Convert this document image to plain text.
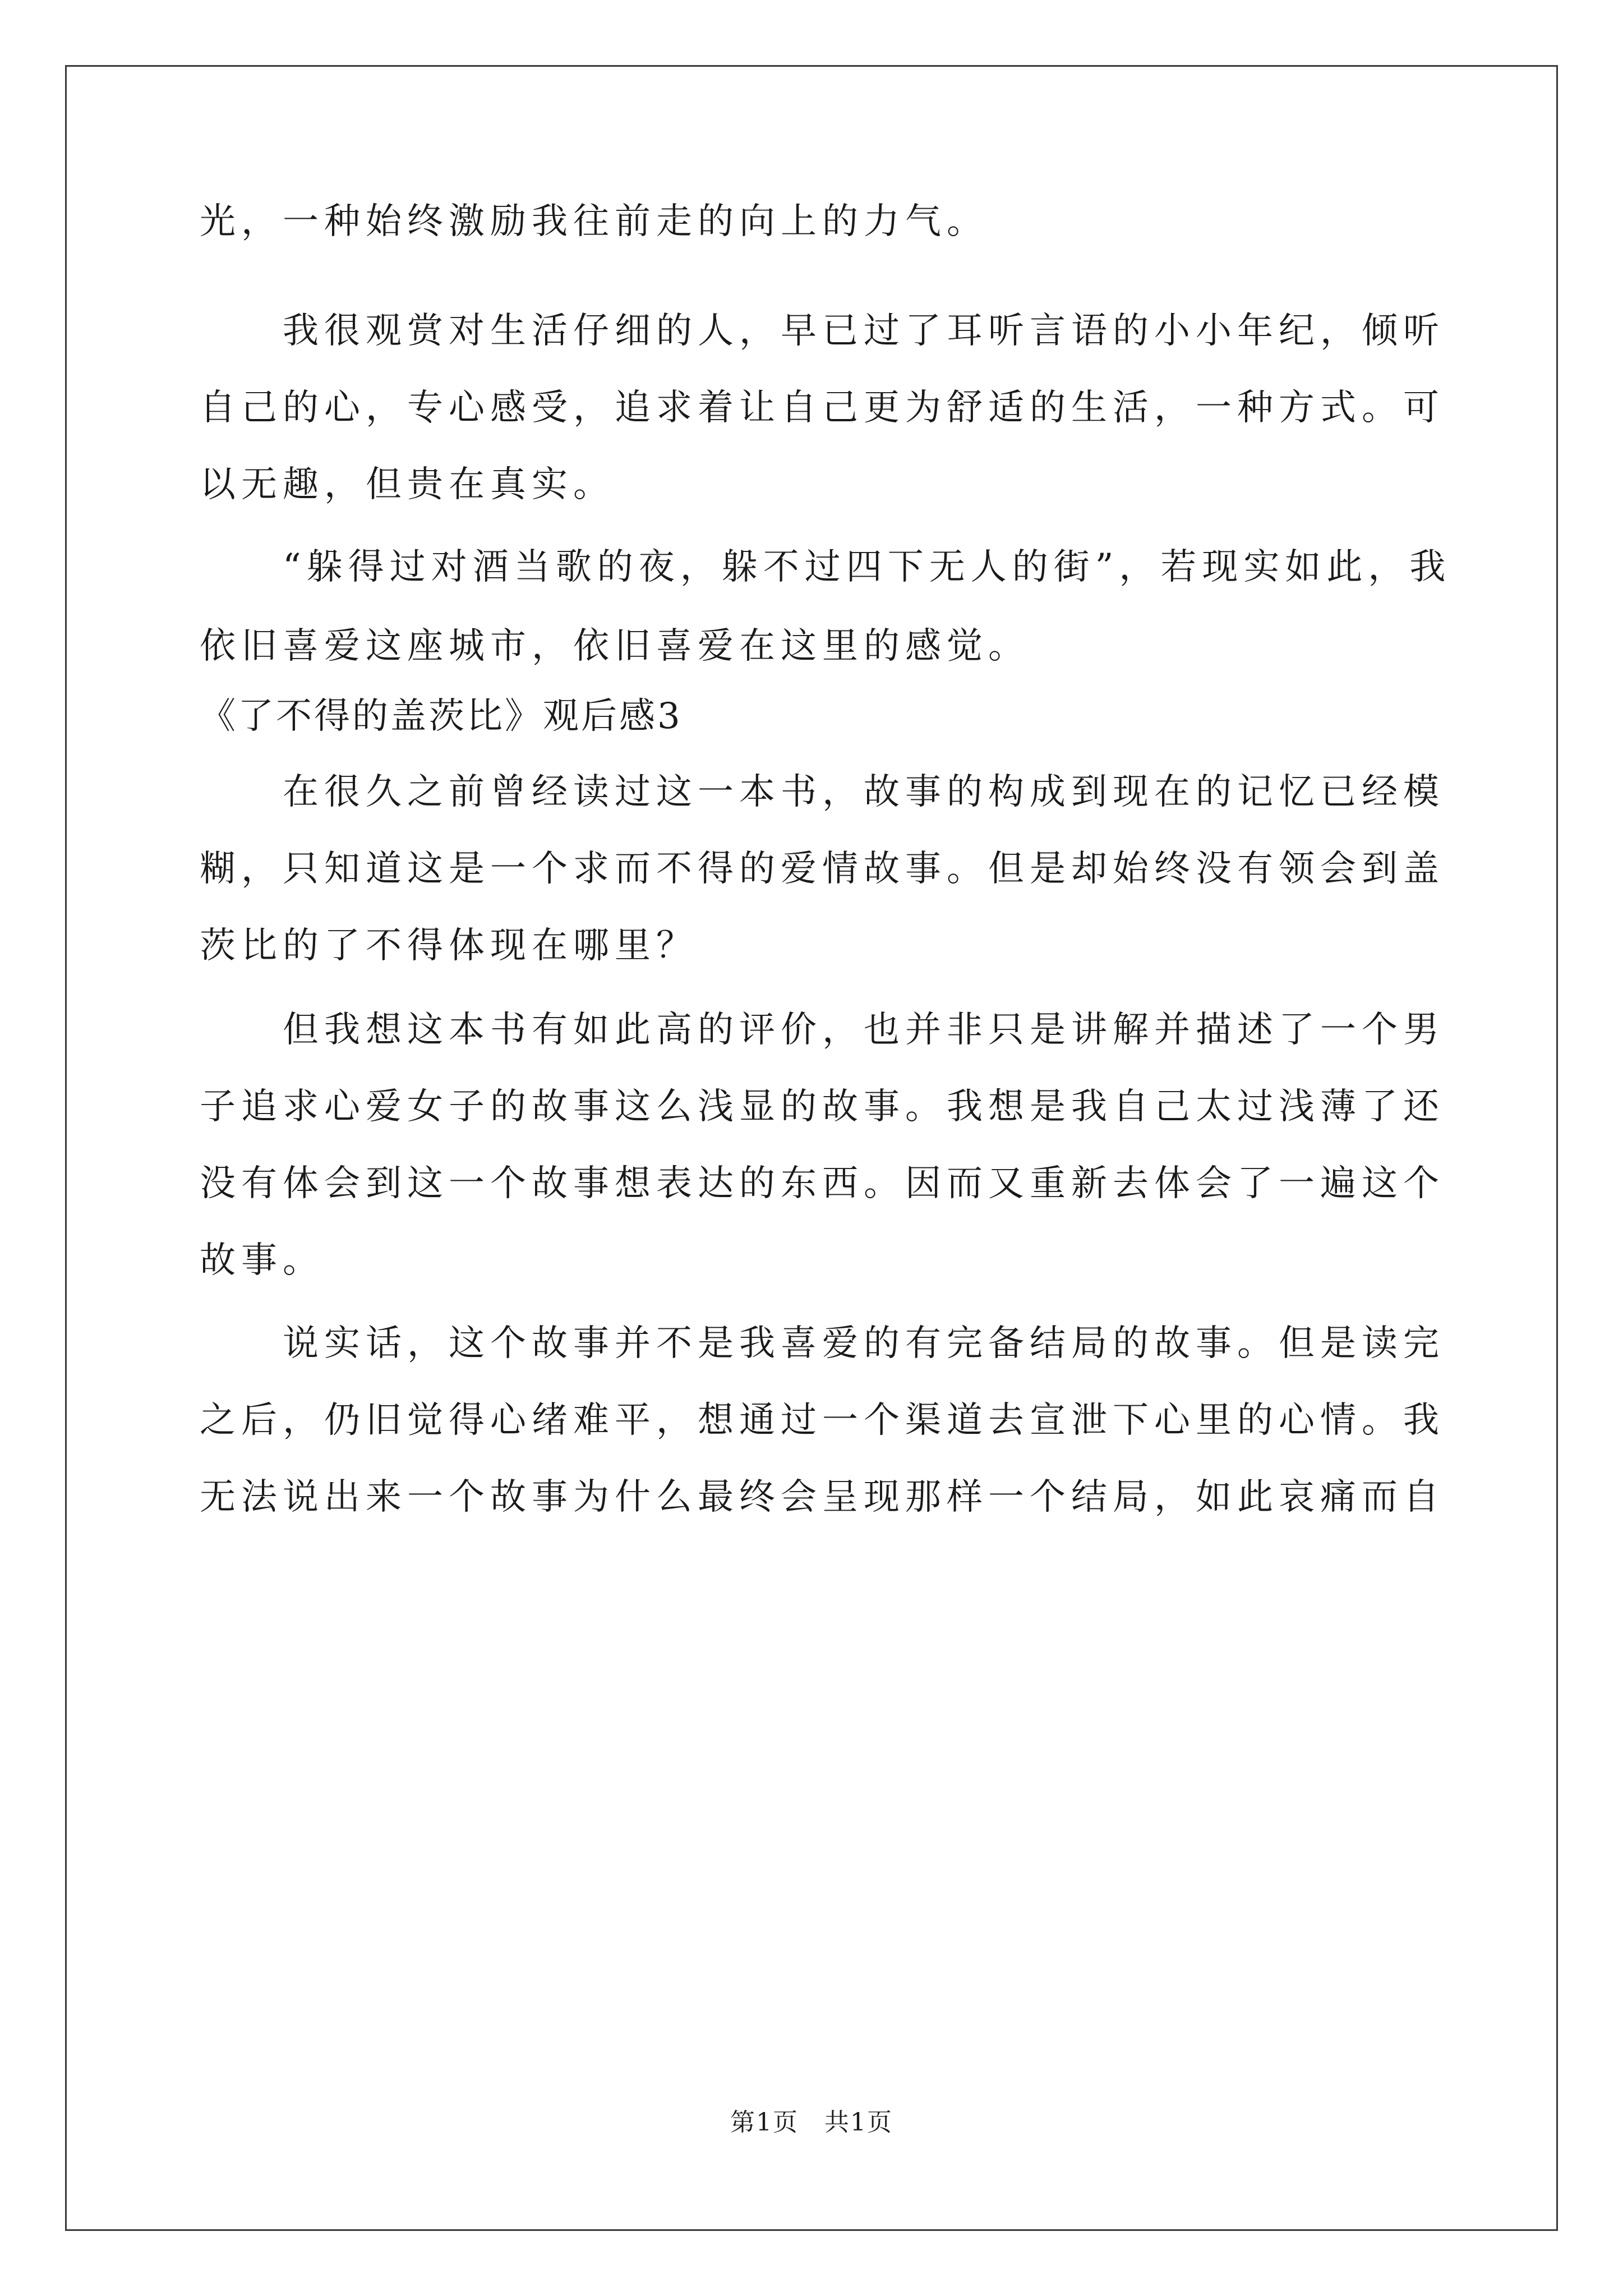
光，一种始终激励我往前走的向上的力气。
我很观赏对生活仔细的人，早已过了耳听言语的小小年纪，倾听
自己的心，专心感受，追求着让自己更为舒适的生活，一种方式。可
以无趣，但贵在真实。
“躲得过对酒当歌的夜，躲不过四下无人的街”，若现实如此，我
依旧喜爱这座城市，依旧喜爱在这里的感觉。
《了不得的盖茨比》观后感3
在很久之前曾经读过这一本书，故事的构成到现在的记忆已经模
糊，只知道这是一个求而不得的爱情故事。但是却始终没有领会到盖
茨比的了不得体现在哪里？
但我想这本书有如此高的评价，也并非只是讲解并描述了一个男
子追求心爱女子的故事这么浅显的故事。我想是我自己太过浅薄了还
没有体会到这一个故事想表达的东西。因而又重新去体会了一遍这个
故事。
说实话，这个故事并不是我喜爱的有完备结局的故事。但是读完
之后，仍旧觉得心绪难平，想通过一个渠道去宣泄下心里的心情。我
无法说出来一个故事为什么最终会呈现那样一个结局，如此哀痛而自
第1页　共1页
